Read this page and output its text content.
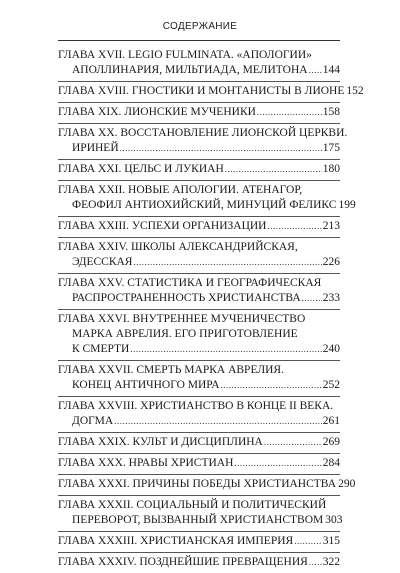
СОДЕРЖАНИЕ
ГЛАВА XVII. LEGIO FULMINATA. «АПОЛОГИИ»
АПОЛЛИНАРИЯ, МИЛЬТИАДА, МЕЛИТОНА ..... 144
ГЛАВА XVIII. ГНОСТИКИ И МОНТАНИСТЫ В ЛИОНЕ 152
ГЛАВА XIX. ЛИОНСКИЕ МУЧЕНИКИ .....	158
ГЛАВА XX. ВОССТАНОВЛЕНИЕ ЛИОНСКОЙ ЦЕРКВИ.
ИРИНЕЙ .....	175
ГЛАВА XXI. ЦЕЛЬС И ЛУКИАН .....	180
ГЛАВА XXII. НОВЫЕ АПОЛОГИИ. АТЕНАГОР,
ФЕОФИЛ АНТИОХИЙСКИЙ, МИНУЦИЙ ФЕЛИКС 199
ГЛАВА XXIII. УСПЕХИ ОРГАНИЗАЦИИ .....	213
ГЛАВА XXIV. ШКОЛЫ АЛЕКСАНДРИЙСКАЯ,
ЭДЕССКАЯ .....	226
ГЛАВА XXV. СТАТИСТИКА И ГЕОГРАФИЧЕСКАЯ
РАСПРОСТРАНЕННОСТЬ ХРИСТИАНСТВА ..... 233
ГЛАВА XXVI. ВНУТРЕННЕЕ МУЧЕНИЧЕСТВО
МАРКА АВРЕЛИЯ. ЕГО ПРИГОТОВЛЕНИЕ
К СМЕРТИ .....	240
ГЛАВА XXVII. СМЕРТЬ МАРКА АВРЕЛИЯ.
КОНЕЦ АНТИЧНОГО МИРА .....	252
ГЛАВА XXVIII. ХРИСТИАНСТВО В КОНЦЕ II ВЕКА.
ДОГМА .....	261
ГЛАВА XXIX. КУЛЬТ И ДИСЦИПЛИНА .....	269
ГЛАВА XXX. НРАВЫ ХРИСТИАН .....	284
ГЛАВА XXXI. ПРИЧИНЫ ПОБЕДЫ ХРИСТИАНСТВА 290
ГЛАВА XXXII. СОЦИАЛЬНЫЙ И ПОЛИТИЧЕСКИЙ
ПЕРЕВОРОТ, ВЫЗВАННЫЙ ХРИСТИАНСТВОМ 303
ГЛАВА XXXIII. ХРИСТИАНСКАЯ ИМПЕРИЯ .....	315
ГЛАВА XXXIV. ПОЗДНЕЙШИЕ ПРЕВРАЩЕНИЯ ..... 322
